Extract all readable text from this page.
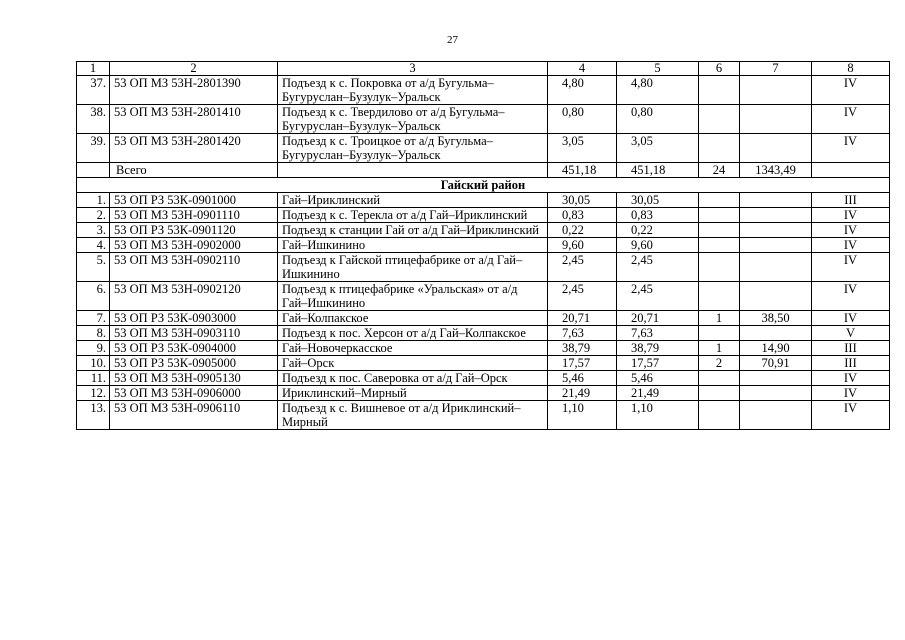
27
1	2	3	4	5	6	7	8
37.	53 ОП МЗ 53Н-2801390	Подъезд к с. Покровка от а/д Бугульма–Бугуруслан–Бузулук–Уральск	4,80	4,80			IV
38.	53 ОП МЗ 53Н-2801410	Подъезд к с. Твердилово от а/д Бугульма–Бугуруслан–Бузулук–Уральск	0,80	0,80			IV
39.	53 ОП МЗ 53Н-2801420	Подъезд к с. Троицкое от а/д Бугульма–Бугуруслан–Бузулук–Уральск	3,05	3,05			IV
	Всего		451,18	451,18	24	1343,49	
Гайский район							
1.	53 ОП РЗ 53К-0901000	Гай–Ириклинский	30,05	30,05			III
2.	53 ОП МЗ 53Н-0901110	Подъезд к с. Терекла от а/д Гай–Ириклинский	0,83	0,83			IV
3.	53 ОП РЗ 53К-0901120	Подъезд к станции Гай от а/д Гай–Ириклинский	0,22	0,22			IV
4.	53 ОП МЗ 53Н-0902000	Гай–Ишкинино	9,60	9,60			IV
5.	53 ОП МЗ 53Н-0902110	Подъезд к Гайской птицефабрике от а/д Гай–Ишкинино	2,45	2,45			IV
6.	53 ОП МЗ 53Н-0902120	Подъезд к птицефабрике «Уральская» от а/д Гай–Ишкинино	2,45	2,45			IV
7.	53 ОП РЗ 53К-0903000	Гай–Колпакское	20,71	20,71	1	38,50	IV
8.	53 ОП МЗ 53Н-0903110	Подъезд к пос. Херсон от а/д Гай–Колпакское	7,63	7,63			V
9.	53 ОП РЗ 53К-0904000	Гай–Новочеркасское	38,79	38,79	1	14,90	III
10.	53 ОП РЗ 53К-0905000	Гай–Орск	17,57	17,57	2	70,91	III
11.	53 ОП МЗ 53Н-0905130	Подъезд к пос. Саверовка от а/д Гай–Орск	5,46	5,46			IV
12.	53 ОП МЗ 53Н-0906000	Ириклинский–Мирный	21,49	21,49			IV
13.	53 ОП МЗ 53Н-0906110	Подъезд к с. Вишневое от а/д Ириклинский–Мирный	1,10	1,10			IV
